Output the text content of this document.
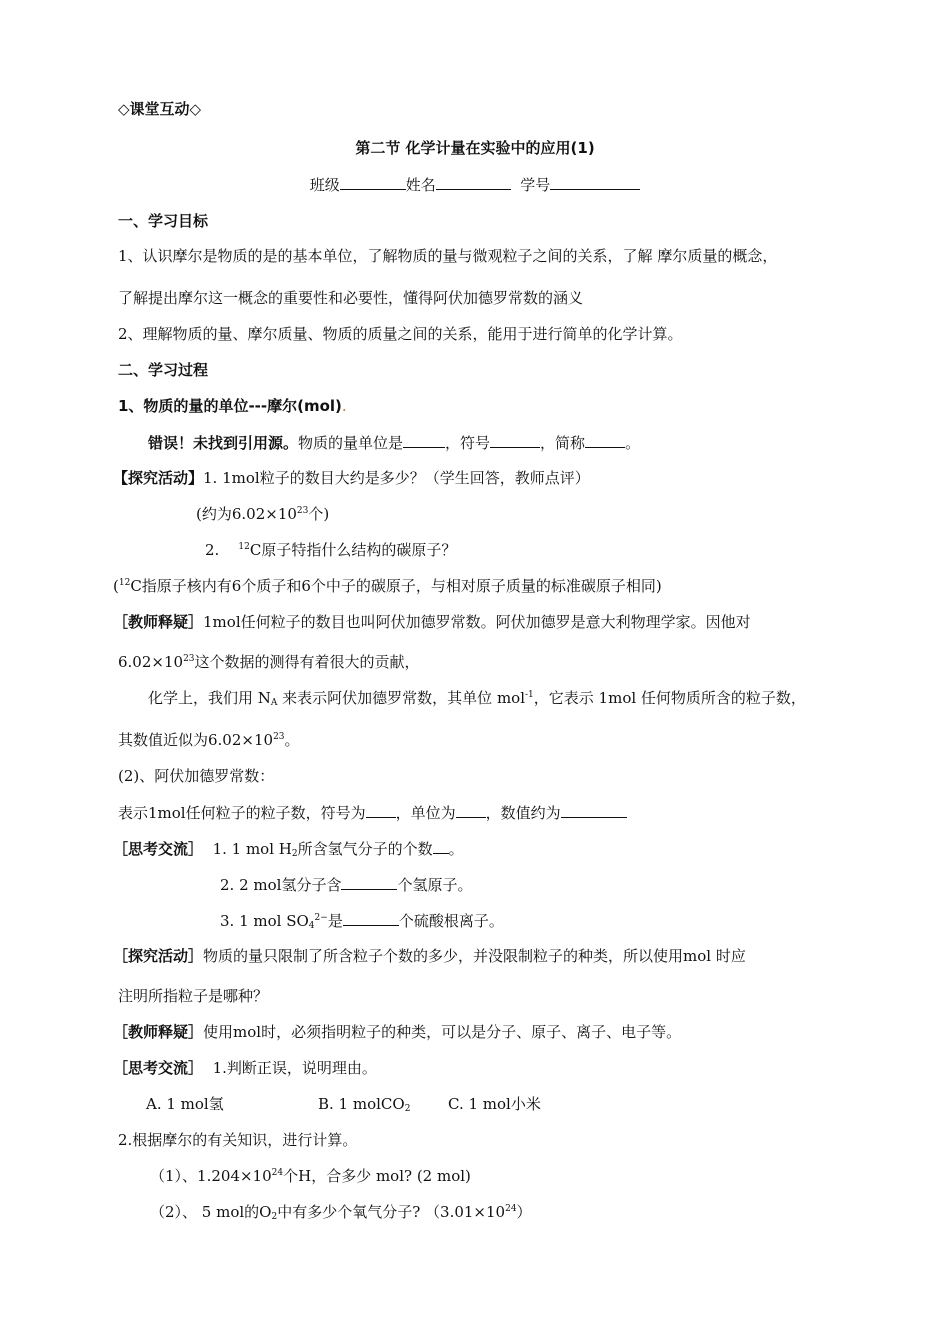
◇课堂互动◇
第二节 化学计量在实验中的应用(1)
班级	姓名	学号
一、学习目标
1、认识摩尔是物质的是的基本单位，了解物质的量与微观粒子之间的关系，了解 摩尔质量的概念，
了解提出摩尔这一概念的重要性和必要性，懂得阿伏加德罗常数的涵义
2、理解物质的量、摩尔质量、物质的质量之间的关系，能用于进行简单的化学计算。
二、学习过程
1、物质的量的单位---摩尔(mol).
错误！未找到引用源。物质的量单位是	，符号	，简称	。
【探究活动】1. 1mol粒子的数目大约是多少？（学生回答，教师点评）
(约为$6.02\times 10^{23}$个)
2. $^{12}$C原子特指什么结构的碳原子？
($^{12}$C指原子核内有6个质子和6个中子的碳原子，与相对原子质量的标准碳原子相同)
［教师释疑］1mol任何粒子的数目也叫阿伏加德罗常数。阿伏加德罗是意大利物理学家。因他对
$6.02\times 10^{23}$这个数据的测得有着很大的贡献，
化学上，我们用 $N_A$ 来表示阿伏加德罗常数，其单位 mol$^{-1}$，它表示 1mol 任何物质所含的粒子数，
其数值近似为$6.02\times 10^{23}$。
(2)、阿伏加德罗常数：
表示1mol任何粒子的粒子数，符号为 ，单位为 ，数值约为
［思考交流］ 1. 1 mol $H_2$所含氢气分子的个数 。
2. 2 mol氢分子含	个氢原子。
3. 1 mol $SO_4^{2-}$是	个硫酸根离子。
［探究活动］物质的量只限制了所含粒子个数的多少，并没限制粒子的种类，所以使用mol 时应
注明所指粒子是哪种？
［教师释疑］使用mol时，必须指明粒子的种类，可以是分子、原子、离子、电子等。
［思考交流］ 1.判断正误，说明理由。
A. 1 mol氢	B. 1 molCO$_2$	C. 1 mol小米
2.根据摩尔的有关知识，进行计算。
（1）、$1.204\times 10^{24}$个H，合多少 mol? (2 mol)
（2）、 5 mol的$O_2$中有多少个氧气分子? $(3.01\times 10^{24})$
